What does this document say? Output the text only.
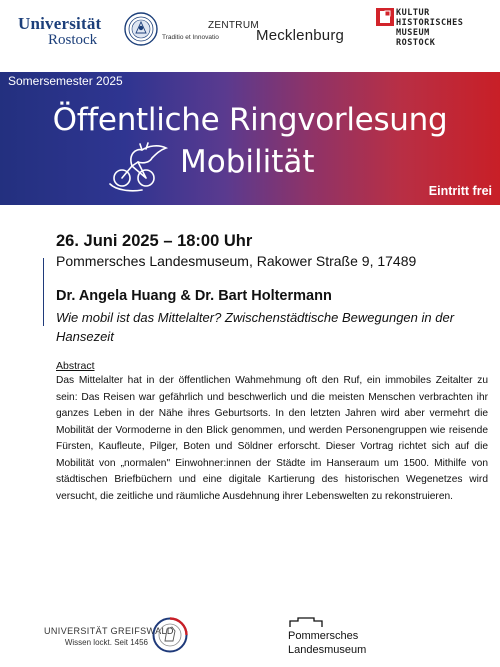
Universität
Rostock	Traditio et Innovatio
ZENTRUM
Mecklenburg
KULTUR
HISTORISCHES
MUSEUM
ROSTOCK
Somersemester 2025
Öffentliche Ringvorlesung
Mobilität
Eintritt frei
26. Juni 2025 – 18:00 Uhr
Pommersches Landesmuseum, Rakower Straße 9, 17489
Dr. Angela Huang & Dr. Bart Holtermann
Wie mobil ist das Mittelalter? Zwischenstädtische Bewegungen in der Hansezeit
Abstract
Das Mittelalter hat in der öffentlichen Wahmehmung oft den Ruf, ein immobiles Zeitalter zu sein: Das Reisen war gefährlich und beschwerlich und die meisten Menschen verbrachten ihr ganzes Leben in der Nähe ihres Geburtsorts. In den letzten Jahren wird aber vermehrt die Mobilität der Vormoderne in den Blick genommen, und werden Personengruppen wie reisende Fürsten, Kaufleute, Pilger, Boten und Söldner erforscht. Dieser Vortrag richtet sich auf die Mobilität von „normalen" Einwohner:innen der Städte im Hanseraum um 1500. Mithilfe von städtischen Briefbüchern und eine digitale Kartierung des historischen Wegenetzes wird versucht, die zeitliche und räumliche Ausdehnung ihrer Lebenswelten zu rekonstruieren.
UNIVERSITÄT GREIFSWALD
Wissen lockt. Seit 1456
Pommersches
Landesmuseum
